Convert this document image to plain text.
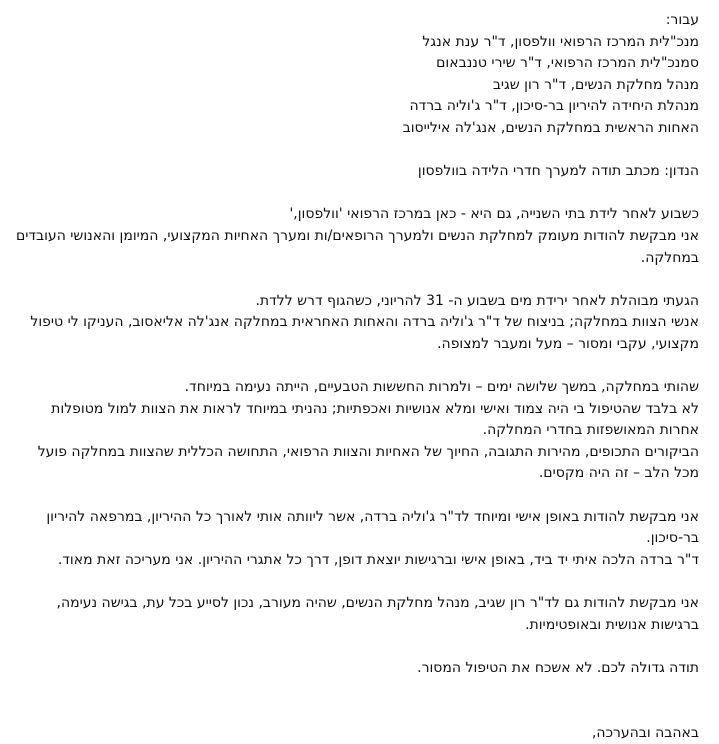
עבור:
מנכ"לית המרכז הרפואי וולפסון, ד"ר ענת אנגל
סמנכ"לית המרכז הרפואי, ד"ר שירי טננבאום
מנהל מחלקת הנשים, ד"ר רון שגיב
מנהלת היחידה להיריון בר-סיכון, ד"ר ג'וליה ברדה
האחות הראשית במחלקת הנשים, אנג'לה אילייסוב
הנדון: מכתב תודה למערך חדרי הלידה בוולפסון
כשבוע לאחר לידת בתי השנייה, גם היא - כאן במרכז הרפואי 'וולפסון,'
אני מבקשת להודות מעומק למחלקת הנשים ולמערך הרופאים/ות ומערך האחיות המקצועי, המיומן והאנושי העובדים במחלקה.
הגעתי מבוהלת לאחר ירידת מים בשבוע ה- 31 להריוני, כשהגוף דרש ללדת.
אנשי הצוות במחלקה; בניצוח של ד"ר ג'וליה ברדה והאחות האחראית במחלקה אנג'לה אליאסוב, העניקו לי טיפול מקצועי, עקבי ומסור – מעל ומעבר למצופה.
שהותי במחלקה, במשך שלושה ימים – ולמרות החששות הטבעיים, הייתה נעימה במיוחד.
לא בלבד שהטיפול בי היה צמוד ואישי ומלא אנושיות ואכפתיות; נהניתי במיוחד לראות את הצוות למול מטופלות אחרות המאושפזות בחדרי המחלקה.
הביקורים התכופים, מהירות התגובה, החיוך של האחיות והצוות הרפואי, התחושה הכללית שהצוות במחלקה פועל מכל הלב – זה היה מקסים.
אני מבקשת להודות באופן אישי ומיוחד לד"ר ג'וליה ברדה, אשר ליוותה אותי לאורך כל ההיריון, במרפאה להיריון בר-סיכון.
ד"ר ברדה הלכה איתי יד ביד, באופן אישי וברגישות יוצאת דופן, דרך כל אתגרי ההיריון. אני מעריכה זאת מאוד.
אני מבקשת להודות גם לד"ר רון שגיב, מנהל מחלקת הנשים, שהיה מעורב, נכון לסייע בכל עת, בגישה נעימה, ברגישות אנושית ובאופטימיות.
תודה גדולה לכם. לא אשכח את הטיפול המסור.
באהבה ובהערכה,
